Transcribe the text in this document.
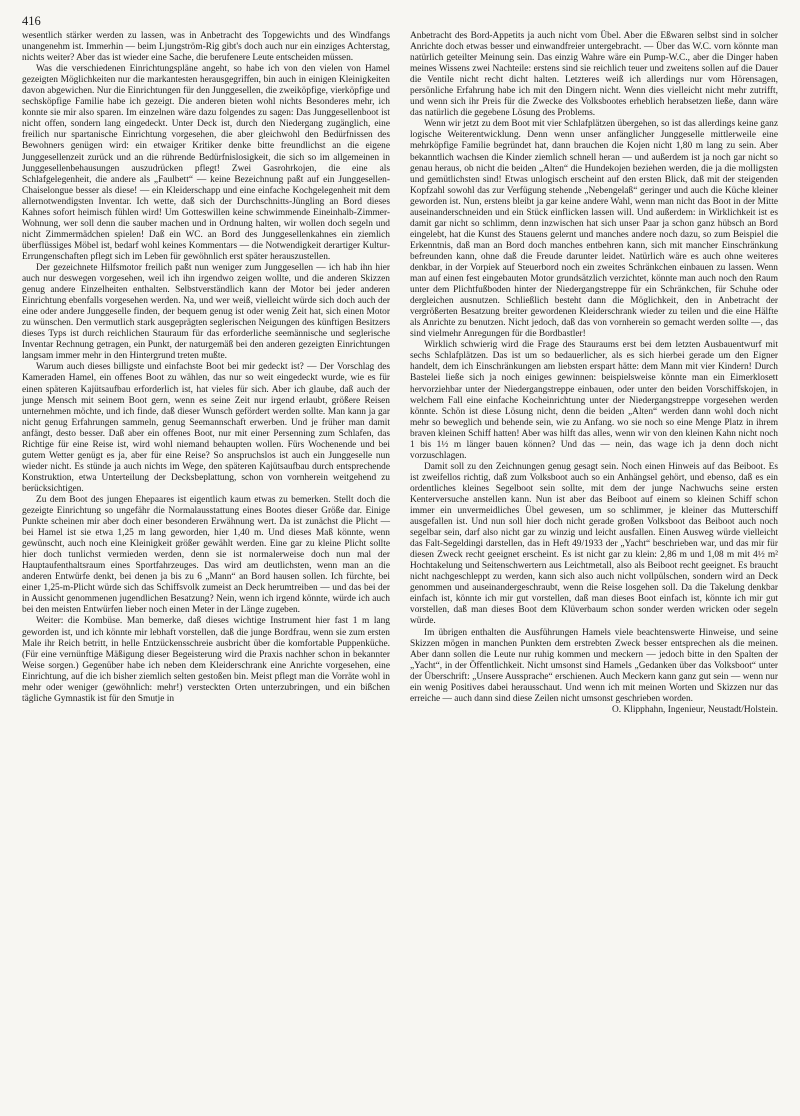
416

wesentlich stärker werden zu lassen, was in Anbetracht des Topgewichts und des Windfangs unangenehm ist. Immerhin — beim Ljungström-Rig gibt's doch auch nur ein einziges Achterstag, nichts weiter? Aber das ist wieder eine Sache, die berufenere Leute entscheiden müssen.

Was die verschiedenen Einrichtungspläne angeht, so habe ich von den vielen von Hamel gezeigten Möglichkeiten nur die markantesten herausgegriffen, bin auch in einigen Kleinigkeiten davon abgewichen. Nur die Einrichtungen für den Junggesellen, die zweiköpfige, vierköpfige und sechsköpfige Familie habe ich gezeigt. Die anderen bieten wohl nichts Besonderes mehr, ich konnte sie mir also sparen. Im einzelnen wäre dazu folgendes zu sagen: Das Junggesellenboot ist nicht offen, sondern lang eingedeckt. Unter Deck ist, durch den Niedergang zugänglich, eine freilich nur spartanische Einrichtung vorgesehen, die aber gleichwohl den Bedürfnissen des Bewohners genügen wird: ein etwaiger Kritiker denke bitte freundlichst an die eigene Junggesellenzeit zurück und an die rührende Bedürfnislosigkeit, die sich so im allgemeinen in Junggesellenbehausungen auszudrücken pflegt! Zwei Gasrohrkojen, die eine als Schlafgelegenheit, die andere als „Faulbett“ — keine Bezeichnung paßt auf ein Junggesellen-Chaiselongue besser als diese! — ein Kleiderschapp und eine einfache Kochgelegenheit mit dem allernotwendigsten Inventar. Ich wette, daß sich der Durchschnitts-Jüngling an Bord dieses Kahnes sofort heimisch fühlen wird! Um Gotteswillen keine schwimmende Eineinhalb-Zimmer-Wohnung, wer soll denn die sauber machen und in Ordnung halten, wir wollen doch segeln und nicht Zimmermädchen spielen! Daß ein WC. an Bord des Junggesellenkahnes ein ziemlich überflüssiges Möbel ist, bedarf wohl keines Kommentars — die Notwendigkeit derartiger Kultur-Errungenschaften pflegt sich im Leben für gewöhnlich erst später herauszustellen.

Der gezeichnete Hilfsmotor freilich paßt nun weniger zum Junggesellen — ich hab ihn hier auch nur deswegen vorgesehen, weil ich ihn irgendwo zeigen wollte, und die anderen Skizzen genug andere Einzelheiten enthalten. Selbstverständlich kann der Motor bei jeder anderen Einrichtung ebenfalls vorgesehen werden. Na, und wer weiß, vielleicht würde sich doch auch der eine oder andere Junggeselle finden, der bequem genug ist oder wenig Zeit hat, sich einen Motor zu wünschen. Den vermutlich stark ausgeprägten seglerischen Neigungen des künftigen Besitzers dieses Typs ist durch reichlichen Stauraum für das erforderliche seemännische und seglerische Inventar Rechnung getragen, ein Punkt, der naturgemäß bei den anderen gezeigten Einrichtungen langsam immer mehr in den Hintergrund treten mußte.

Warum auch dieses billigste und einfachste Boot bei mir gedeckt ist? — Der Vorschlag des Kameraden Hamel, ein offenes Boot zu wählen, das nur so weit eingedeckt wurde, wie es für einen späteren Kajütsaufbau erforderlich ist, hat vieles für sich. Aber ich glaube, daß auch der junge Mensch mit seinem Boot gern, wenn es seine Zeit nur irgend erlaubt, größere Reisen unternehmen möchte, und ich finde, daß dieser Wunsch gefördert werden sollte. Man kann ja gar nicht genug Erfahrungen sammeln, genug Seemannschaft erwerben. Und je früher man damit anfängt, desto besser. Daß aber ein offenes Boot, nur mit einer Persenning zum Schlafen, das Richtige für eine Reise ist, wird wohl niemand behaupten wollen. Fürs Wochenende und bei gutem Wetter genügt es ja, aber für eine Reise? So anspruchslos ist auch ein Junggeselle nun wieder nicht. Es stünde ja auch nichts im Wege, den späteren Kajütsaufbau durch entsprechende Konstruktion, etwa Unterteilung der Decksbeplattung, schon von vornherein weitgehend zu berücksichtigen.

Zu dem Boot des jungen Ehepaares ist eigentlich kaum etwas zu bemerken. Stellt doch die gezeigte Einrichtung so ungefähr die Normalausstattung eines Bootes dieser Größe dar. Einige Punkte scheinen mir aber doch einer besonderen Erwähnung wert. Da ist zunächst die Plicht — bei Hamel ist sie etwa 1,25 m lang geworden, hier 1,40 m. Und dieses Maß könnte, wenn gewünscht, auch noch eine Kleinigkeit größer gewählt werden. Eine gar zu kleine Plicht sollte hier doch tunlichst vermieden werden, denn sie ist normalerweise doch nun mal der Hauptaufenthaltsraum eines Sportfahrzeuges. Das wird am deutlichsten, wenn man an die anderen Entwürfe denkt, bei denen ja bis zu 6 „Mann“ an Bord hausen sollen. Ich fürchte, bei einer 1,25-m-Plicht würde sich das Schiffsvolk zumeist an Deck herumtreiben — und das bei der in Aussicht genommenen jugendlichen Besatzung? Nein, wenn ich irgend könnte, würde ich auch bei den meisten Entwürfen lieber noch einen Meter in der Länge zugeben.

Weiter: die Kombüse. Man bemerke, daß dieses wichtige Instrument hier fast 1 m lang geworden ist, und ich könnte mir lebhaft vorstellen, daß die junge Bordfrau, wenn sie zum ersten Male ihr Reich betritt, in helle Entzückensschreie ausbricht über die komfortable Puppenküche. (Für eine vernünftige Mäßigung dieser Begeisterung wird die Praxis nachher schon in bekannter Weise sorgen.) Gegenüber habe ich neben dem Kleiderschrank eine Anrichte vorgesehen, eine Einrichtung, auf die ich bisher ziemlich selten gestoßen bin. Meist pflegt man die Vorräte wohl in mehr oder weniger (gewöhnlich: mehr!) versteckten Orten unterzubringen, und ein bißchen tägliche Gymnastik ist für den Smutje in

Anbetracht des Bord-Appetits ja auch nicht vom Übel. Aber die Eßwaren selbst sind in solcher Anrichte doch etwas besser und einwandfreier untergebracht. — Über das W.C. vorn könnte man natürlich geteilter Meinung sein. Das einzig Wahre wäre ein Pump-W.C., aber die Dinger haben meines Wissens zwei Nachteile: erstens sind sie reichlich teuer und zweitens sollen auf die Dauer die Ventile nicht recht dicht halten. Letzteres weiß ich allerdings nur vom Hörensagen, persönliche Erfahrung habe ich mit den Dingern nicht. Wenn dies vielleicht nicht mehr zutrifft, und wenn sich ihr Preis für die Zwecke des Volksbootes erheblich herabsetzen ließe, dann wäre das natürlich die gegebene Lösung des Problems.

Wenn wir jetzt zu dem Boot mit vier Schlafplätzen übergehen, so ist das allerdings keine ganz logische Weiterentwicklung. Denn wenn unser anfänglicher Junggeselle mittlerweile eine mehrköpfige Familie begründet hat, dann brauchen die Kojen nicht 1,80 m lang zu sein. Aber bekanntlich wachsen die Kinder ziemlich schnell heran — und außerdem ist ja noch gar nicht so genau heraus, ob nicht die beiden „Alten“ die Hundekojen beziehen werden, die ja die molligsten und gemütlichsten sind! Etwas unlogisch erscheint auf den ersten Blick, daß mit der steigenden Kopfzahl sowohl das zur Verfügung stehende „Nebengelaß“ geringer und auch die Küche kleiner geworden ist. Nun, erstens bleibt ja gar keine andere Wahl, wenn man nicht das Boot in der Mitte auseinanderschneiden und ein Stück einflicken lassen will. Und außerdem: in Wirklichkeit ist es damit gar nicht so schlimm, denn inzwischen hat sich unser Paar ja schon ganz hübsch an Bord eingelebt, hat die Kunst des Stauens gelernt und manches andere noch dazu, so zum Beispiel die Erkenntnis, daß man an Bord doch manches entbehren kann, sich mit mancher Einschränkung befreunden kann, ohne daß die Freude darunter leidet. Natürlich wäre es auch ohne weiteres denkbar, in der Vorpiek auf Steuerbord noch ein zweites Schränkchen einbauen zu lassen. Wenn man auf einen fest eingebauten Motor grundsätzlich verzichtet, könnte man auch noch den Raum unter dem Plichtfußboden hinter der Niedergangstreppe für ein Schränkchen, für Schuhe oder dergleichen ausnutzen. Schließlich besteht dann die Möglichkeit, den in Anbetracht der vergrößerten Besatzung breiter gewordenen Kleiderschrank wieder zu teilen und die eine Hälfte als Anrichte zu benutzen. Nicht jedoch, daß das von vornherein so gemacht werden sollte —, das sind vielmehr Anregungen für die Bordbastler!

Wirklich schwierig wird die Frage des Stauraums erst bei dem letzten Ausbauentwurf mit sechs Schlafplätzen. Das ist um so bedauerlicher, als es sich hierbei gerade um den Eigner handelt, dem ich Einschränkungen am liebsten erspart hätte: dem Mann mit vier Kindern! Durch Bastelei ließe sich ja noch einiges gewinnen: beispielsweise könnte man ein Eimerklosett hervorziehbar unter der Niedergangstreppe einbauen, oder unter den beiden Vorschiffskojen, in welchem Fall eine einfache Kocheinrichtung unter der Niedergangstreppe vorgesehen werden könnte. Schön ist diese Lösung nicht, denn die beiden „Alten“ werden dann wohl doch nicht mehr so beweglich und behende sein, wie zu Anfang. wo sie noch so eine Menge Platz in ihrem braven kleinen Schiff hatten! Aber was hilft das alles, wenn wir von den kleinen Kahn nicht noch 1 bis 1½ m länger bauen können? Und das — nein, das wage ich ja denn doch nicht vorzuschlagen.

Damit soll zu den Zeichnungen genug gesagt sein. Noch einen Hinweis auf das Beiboot. Es ist zweifellos richtig, daß zum Volksboot auch so ein Anhängsel gehört, und ebenso, daß es ein ordentliches kleines Segelboot sein sollte, mit dem der junge Nachwuchs seine ersten Kenterversuche anstellen kann. Nun ist aber das Beiboot auf einem so kleinen Schiff schon immer ein unvermeidliches Übel gewesen, um so schlimmer, je kleiner das Mutterschiff ausgefallen ist. Und nun soll hier doch nicht gerade großen Volksboot das Beiboot auch noch segelbar sein, darf also nicht gar zu winzig und leicht ausfallen. Einen Ausweg würde vielleicht das Falt-Segeldingi darstellen, das in Heft 49/1933 der „Yacht“ beschrieben war, und das mir für diesen Zweck recht geeignet erscheint. Es ist nicht gar zu klein: 2,86 m und 1,08 m mit 4½ m² Hochtakelung und Seitenschwertern aus Leichtmetall, also als Beiboot recht geeignet. Es braucht nicht nachgeschleppt zu werden, kann sich also auch nicht vollpülschen, sondern wird an Deck genommen und auseinandergeschraubt, wenn die Reise losgehen soll. Da die Takelung denkbar einfach ist, könnte ich mir gut vorstellen, daß man dieses Boot einfach ist, könnte ich mir gut vorstellen, daß man dieses Boot dem Klüverbaum schon sonder werden wricken oder segeln würde.

Im übrigen enthalten die Ausführungen Hamels viele beachtenswerte Hinweise, und seine Skizzen mögen in manchen Punkten dem erstrebten Zweck besser entsprechen als die meinen. Aber dann sollen die Leute nur ruhig kommen und meckern — jedoch bitte in den Spalten der „Yacht“, in der Öffentlichkeit. Nicht umsonst sind Hamels „Gedanken über das Volksboot“ unter der Überschrift: „Unsere Aussprache“ erschienen. Auch Meckern kann ganz gut sein — wenn nur ein wenig Positives dabei herausschaut. Und wenn ich mit meinen Worten und Skizzen nur das erreiche — auch dann sind diese Zeilen nicht umsonst geschrieben worden.

O. Klipphahn, Ingenieur, Neustadt/Holstein.
